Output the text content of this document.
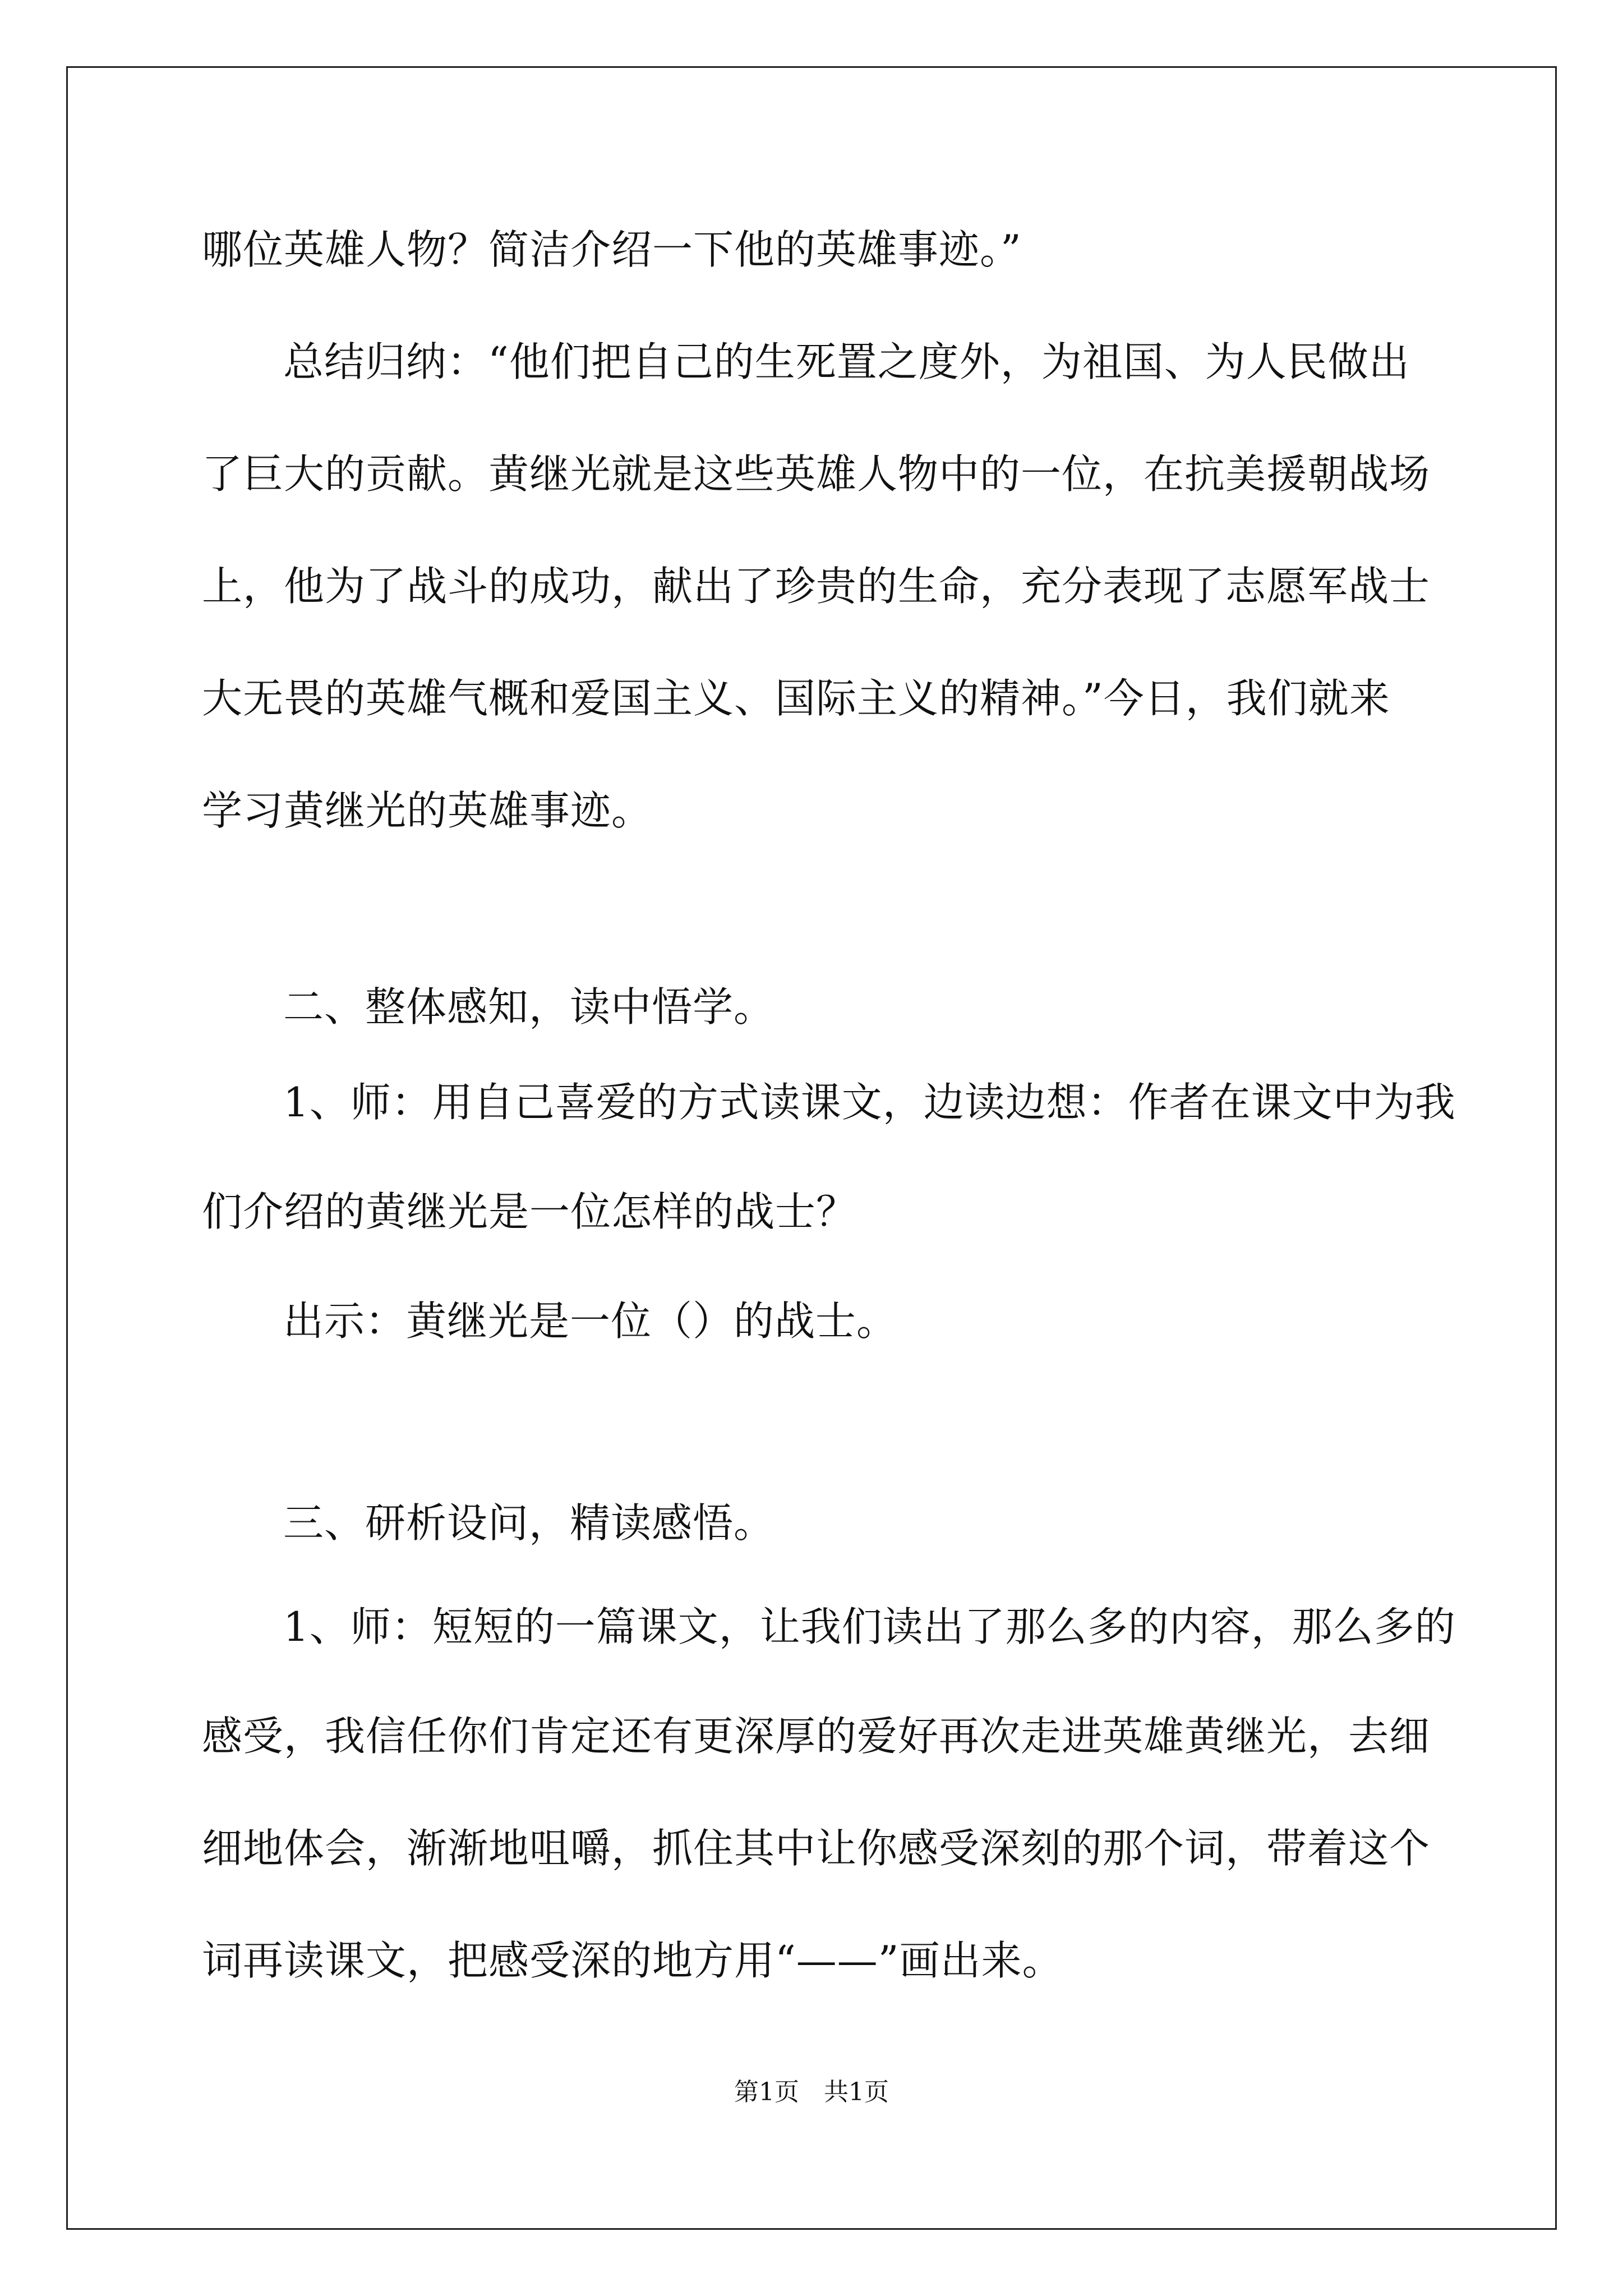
哪位英雄人物？简洁介绍一下他的英雄事迹。”
总结归纳：“他们把自己的生死置之度外，为祖国、为人民做出
了巨大的贡献。黄继光就是这些英雄人物中的一位，在抗美援朝战场
上，他为了战斗的成功，献出了珍贵的生命，充分表现了志愿军战士
大无畏的英雄气概和爱国主义、国际主义的精神。”今日，我们就来
学习黄继光的英雄事迹。
二、整体感知，读中悟学。
1、师：用自己喜爱的方式读课文，边读边想：作者在课文中为我
们介绍的黄继光是一位怎样的战士？
出示：黄继光是一位（）的战士。
三、研析设问，精读感悟。
1、师：短短的一篇课文，让我们读出了那么多的内容，那么多的
感受，我信任你们肯定还有更深厚的爱好再次走进英雄黄继光，去细
细地体会，渐渐地咀嚼，抓住其中让你感受深刻的那个词，带着这个
词再读课文，把感受深的地方用“——”画出来。
第1页 共1页
